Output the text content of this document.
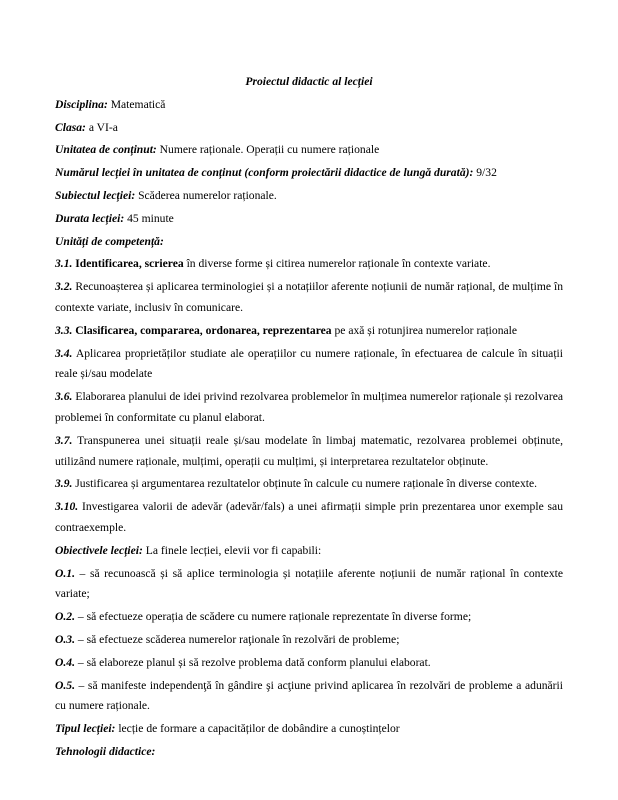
Proiectul didactic al lecției
Disciplina: Matematică
Clasa: a VI-a
Unitatea de conținut: Numere raționale. Operații cu numere raționale
Numărul lecției în unitatea de conținut (conform proiectării didactice de lungă durată): 9/32
Subiectul lecției: Scăderea numerelor raționale.
Durata lecției: 45 minute
Unități de competență:
3.1. Identificarea, scrierea în diverse forme și citirea numerelor raționale în contexte variate.
3.2. Recunoașterea și aplicarea terminologiei și a notațiilor aferente noțiunii de număr rațional, de mulțime în contexte variate, inclusiv în comunicare.
3.3. Clasificarea, compararea, ordonarea, reprezentarea pe axă și rotunjirea numerelor raționale
3.4. Aplicarea proprietăților studiate ale operațiilor cu numere raționale, în efectuarea de calcule în situații reale și/sau modelate
3.6. Elaborarea planului de idei privind rezolvarea problemelor în mulțimea numerelor raționale și rezolvarea problemei în conformitate cu planul elaborat.
3.7. Transpunerea unei situații reale și/sau modelate în limbaj matematic, rezolvarea problemei obținute, utilizând numere raționale, mulțimi, operații cu mulțimi, și interpretarea rezultatelor obținute.
3.9. Justificarea și argumentarea rezultatelor obținute în calcule cu numere raționale în diverse contexte.
3.10. Investigarea valorii de adevăr (adevăr/fals) a unei afirmații simple prin prezentarea unor exemple sau contraexemple.
Obiectivele lecției: La finele lecției, elevii vor fi capabili:
O.1. – să recunoască și să aplice terminologia și notațiile aferente noțiunii de număr rațional în contexte variate;
O.2. – să efectueze operația de scădere cu numere raționale reprezentate în diverse forme;
O.3. – să efectueze scăderea numerelor raţionale în rezolvări de probleme;
O.4. – să elaboreze planul și să rezolve problema dată conform planului elaborat.
O.5. – să manifeste independenţă în gândire şi acţiune privind aplicarea în rezolvări de probleme a adunării cu numere raționale.
Tipul lecției: lecție de formare a capacităților de dobândire a cunoștințelor
Tehnologii didactice:
